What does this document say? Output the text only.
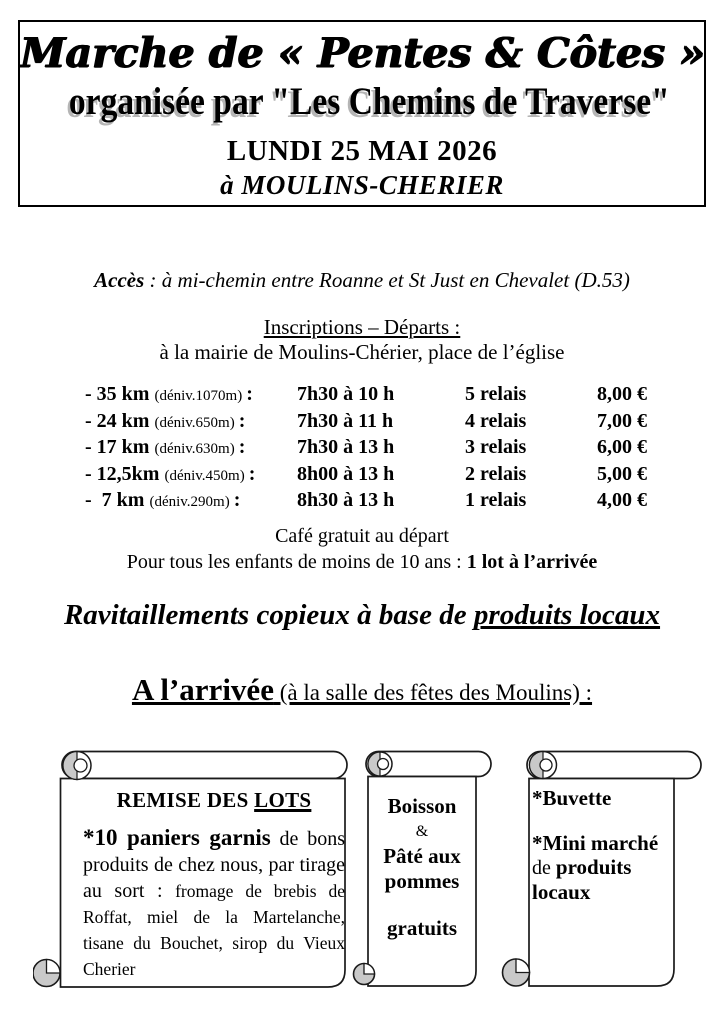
Marche de « Pentes & Côtes »
organisée par "Les Chemins de Traverse"
LUNDI 25 MAI 2026
à MOULINS-CHERIER
Accès : à mi-chemin entre Roanne et St Just en Chevalet (D.53)
Inscriptions – Départs :
à la mairie de Moulins-Chérier, place de l’église
- 35 km (déniv.1070m) :	7h30 à 10 h	5 relais	8,00 €
- 24 km (déniv.650m) :	7h30 à 11 h	4 relais	7,00 €
- 17 km (déniv.630m) :	7h30 à 13 h	3 relais	6,00 €
- 12,5km (déniv.450m) :	8h00 à 13 h	2 relais	5,00 €
-  7 km (déniv.290m) :	8h30 à 13 h	1 relais	4,00 €
Café gratuit au départ
Pour tous les enfants de moins de 10 ans : 1 lot à l’arrivée
Ravitaillements copieux à base de produits locaux
A l’arrivée (à la salle des fêtes des Moulins) :
REMISE DES LOTS
*10 paniers garnis de bons produits de chez nous, par tirage au sort : fromage de brebis de Roffat, miel de la Martelanche, tisane du Bouchet, sirop du Vieux Cherier
Boisson
&
Pâté aux
pommes
gratuits
*Buvette
*Mini marché
de produits
locaux
